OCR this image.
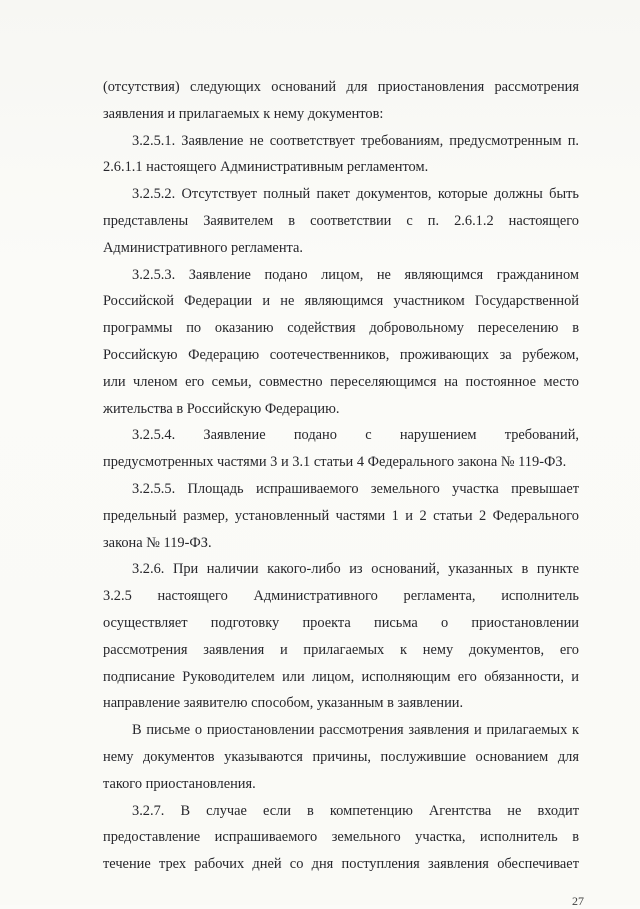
(отсутствия) следующих оснований для приостановления рассмотрения
заявления и прилагаемых к нему документов:
3.2.5.1. Заявление не соответствует требованиям, предусмотренным п.
2.6.1.1 настоящего Административным регламентом.
3.2.5.2. Отсутствует полный пакет документов, которые должны быть
представлены Заявителем в соответствии с п. 2.6.1.2 настоящего
Административного регламента.
3.2.5.3. Заявление подано лицом, не являющимся гражданином
Российской Федерации и не являющимся участником Государственной
программы по оказанию содействия добровольному переселению в
Российскую Федерацию соотечественников, проживающих за рубежом,
или членом его семьи, совместно переселяющимся на постоянное место
жительства в Российскую Федерацию.
3.2.5.4. Заявление подано с нарушением требований,
предусмотренных частями 3 и 3.1 статьи 4 Федерального закона № 119-ФЗ.
3.2.5.5. Площадь испрашиваемого земельного участка превышает
предельный размер, установленный частями 1 и 2 статьи 2 Федерального
закона № 119-ФЗ.
3.2.6. При наличии какого-либо из оснований, указанных в пункте
3.2.5 настоящего Административного регламента, исполнитель
осуществляет подготовку проекта письма о приостановлении
рассмотрения заявления и прилагаемых к нему документов, его
подписание Руководителем или лицом, исполняющим его обязанности, и
направление заявителю способом, указанным в заявлении.
В письме о приостановлении рассмотрения заявления и прилагаемых к
нему документов указываются причины, послужившие основанием для
такого приостановления.
3.2.7. В случае если в компетенцию Агентства не входит
предоставление испрашиваемого земельного участка, исполнитель в
течение трех рабочих дней со дня поступления заявления обеспечивает
27
